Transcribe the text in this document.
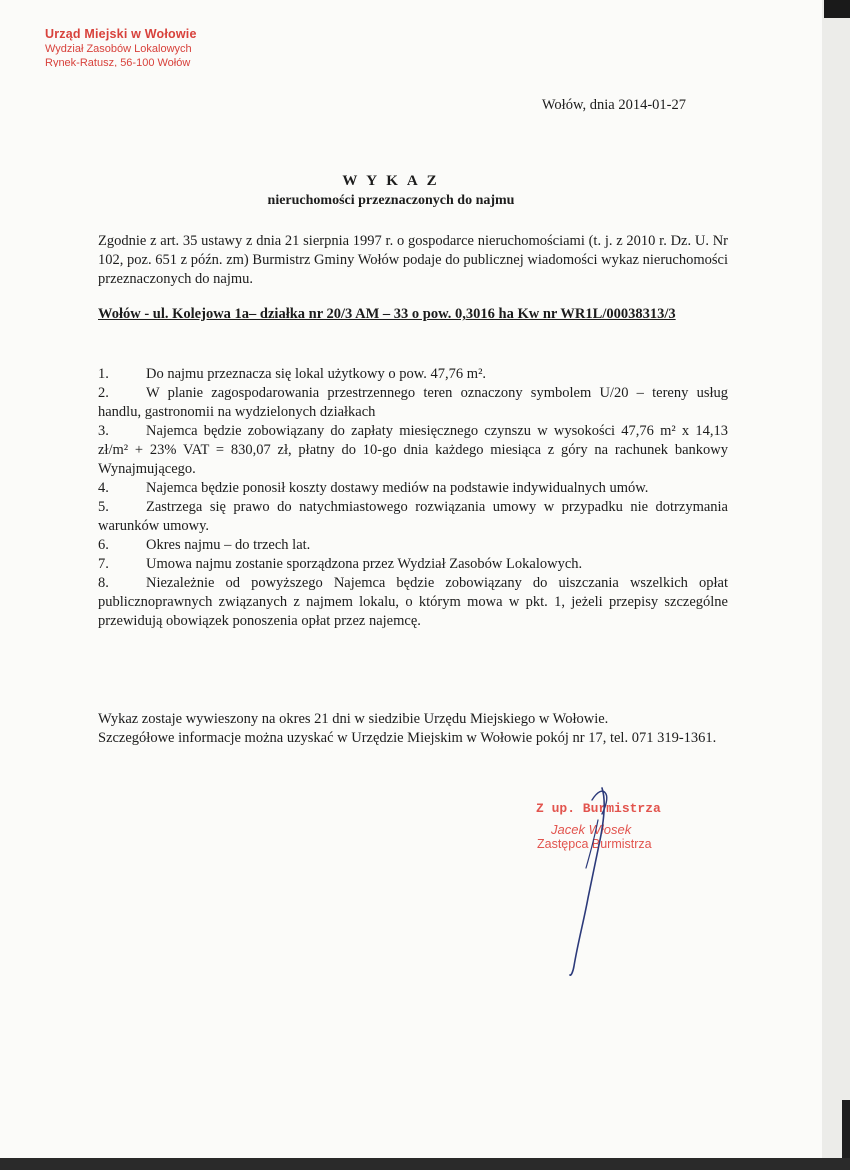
Urząd Miejski w Wołowie
Wydział Zasobów Lokalowych
Rynek-Ratusz, 56-100 Wołów
Wołów, dnia 2014-01-27
W Y K A Z
nieruchomości przeznaczonych do najmu
Zgodnie z art. 35 ustawy z dnia 21 sierpnia 1997 r. o gospodarce nieruchomościami (t. j. z 2010 r. Dz. U. Nr 102, poz. 651 z późn. zm) Burmistrz Gminy Wołów podaje do publicznej wiadomości wykaz nieruchomości przeznaczonych do najmu.
Wołów - ul. Kolejowa 1a– działka nr 20/3 AM – 33 o pow. 0,3016 ha Kw nr WR1L/00038313/3
1.	Do najmu przeznacza się lokal użytkowy o pow. 47,76 m².
2.	W planie zagospodarowania przestrzennego teren oznaczony symbolem U/20 – tereny usług handlu, gastronomii na wydzielonych działkach
3.	Najemca będzie zobowiązany do zapłaty miesięcznego czynszu w wysokości 47,76 m² x 14,13 zł/m² + 23% VAT = 830,07 zł, płatny do 10-go dnia każdego miesiąca z góry na rachunek bankowy Wynajmującego.
4.	Najemca będzie ponosił koszty dostawy mediów na podstawie indywidualnych umów.
5.	Zastrzega się prawo do natychmiastowego rozwiązania umowy w przypadku nie dotrzymania warunków umowy.
6.	Okres najmu – do trzech lat.
7.	Umowa najmu zostanie sporządzona przez Wydział Zasobów Lokalowych.
8.	Niezależnie od powyższego Najemca będzie zobowiązany do uiszczania wszelkich opłat publicznoprawnych związanych z najmem lokalu, o którym mowa w pkt. 1, jeżeli przepisy szczególne przewidują obowiązek ponoszenia opłat przez najemcę.
Wykaz zostaje wywieszony na okres 21 dni w siedzibie Urzędu Miejskiego w Wołowie.
Szczegółowe informacje można uzyskać w Urzędzie Miejskim w Wołowie pokój nr 17, tel. 071 319-1361.
Z up. Burmistrza
Jacek Włosek
Zastępca Burmistrza
